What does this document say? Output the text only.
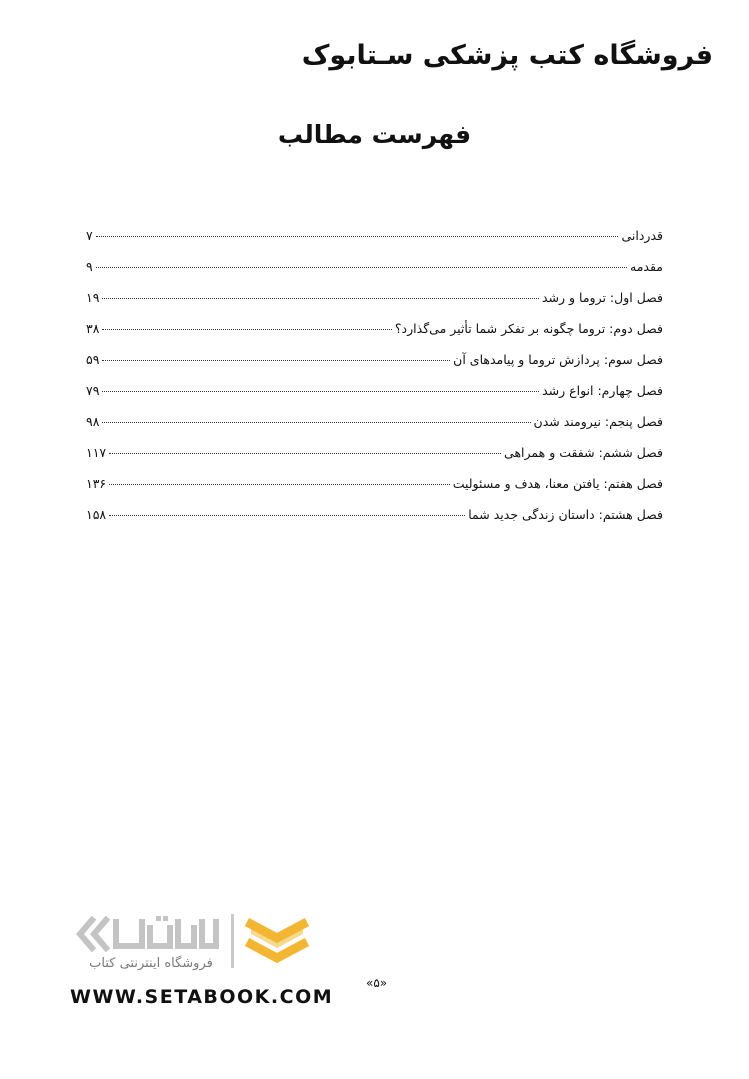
فروشگاه کتب پزشکی سـتابوک
فهرست مطالب
قدردانی
۷
مقدمه
۹
فصل اول: تروما و رشد
۱۹
فصل دوم: تروما چگونه بر تفکر شما تأثیر می‌گذارد؟
۳۸
فصل سوم: پردازش تروما و پیامدهای آن
۵۹
فصل چهارم: انواع رشد
۷۹
فصل پنجم: نیرومند شدن
۹۸
فصل ششم: شفقت و همراهی
۱۱۷
فصل هفتم: یافتن معنا، هدف و مسئولیت
۱۳۶
فصل هشتم: داستان زندگی جدید شما
۱۵۸
فروشگاه اینترنتی کتاب
WWW.SETABOOK.COM
«۵»
